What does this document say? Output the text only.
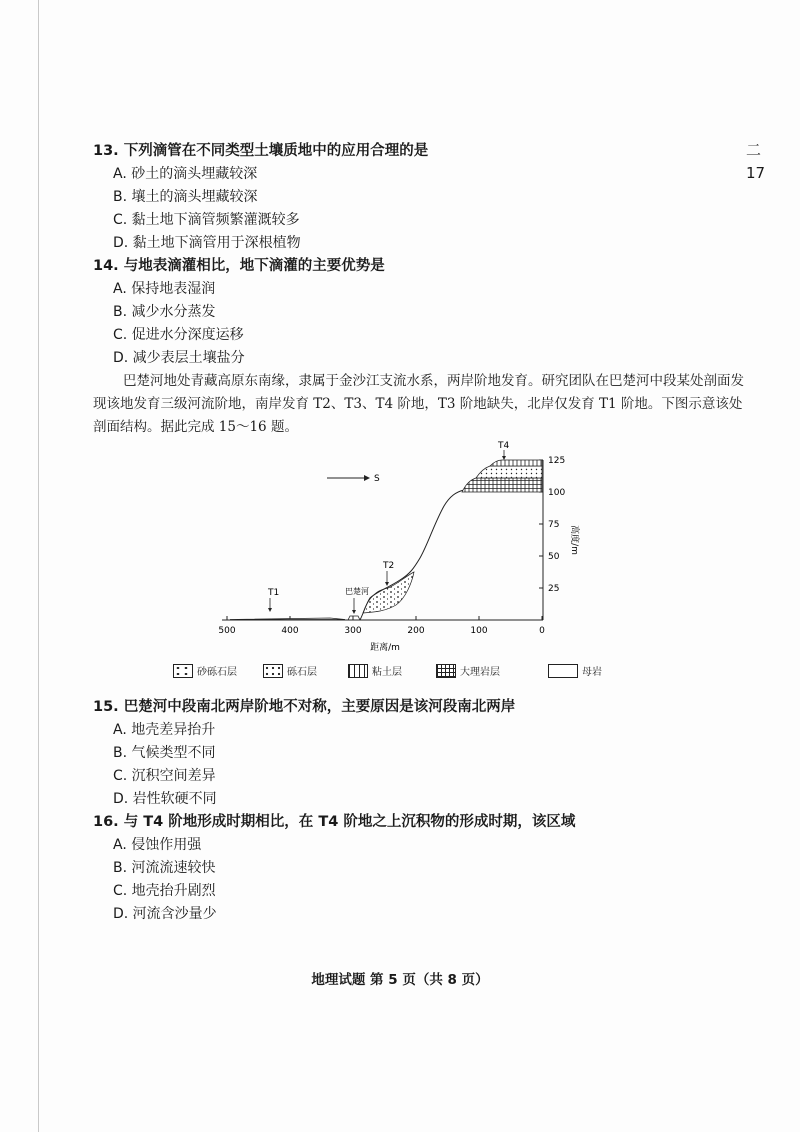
二
17
13. 下列滴管在不同类型土壤质地中的应用合理的是
A. 砂土的滴头埋藏较深
B. 壤土的滴头埋藏较深
C. 黏土地下滴管频繁灌溉较多
D. 黏土地下滴管用于深根植物
14. 与地表滴灌相比，地下滴灌的主要优势是
A. 保持地表湿润
B. 减少水分蒸发
C. 促进水分深度运移
D. 减少表层土壤盐分
巴楚河地处青藏高原东南缘，隶属于金沙江支流水系，两岸阶地发育。研究团队在巴楚河中段某处剖面发现该地发育三级河流阶地，南岸发育 T2、T3、T4 阶地，T3 阶地缺失，北岸仅发育 T1 阶地。下图示意该处剖面结构。据此完成 15～16 题。
500	400	300	200	100	0
距离/m
125
100
75
50
25
高度/m
S
T1	巴楚河
T2
T4
砂砾石层	砾石层	粘土层	大理岩层	母岩
15. 巴楚河中段南北两岸阶地不对称，主要原因是该河段南北两岸
A. 地壳差异抬升
B. 气候类型不同
C. 沉积空间差异
D. 岩性软硬不同
16. 与 T4 阶地形成时期相比，在 T4 阶地之上沉积物的形成时期，该区域
A. 侵蚀作用强
B. 河流流速较快
C. 地壳抬升剧烈
D. 河流含沙量少
地理试题 第 5 页（共 8 页）
